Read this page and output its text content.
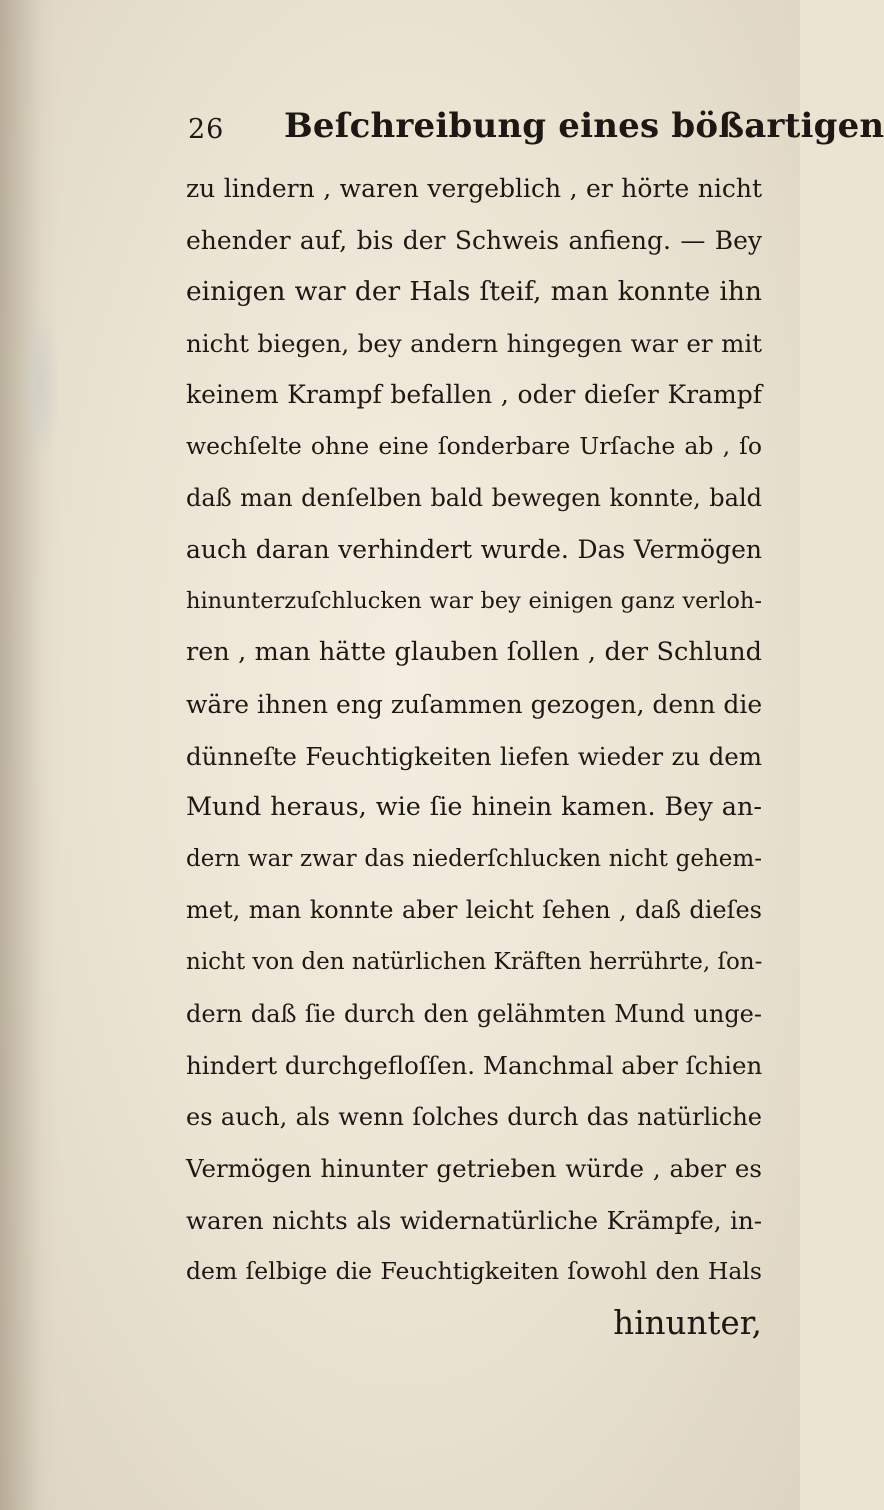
26 Beſchreibung eines bößartigen
zu lindern , waren vergeblich , er hörte nicht
ehender auf, bis der Schweis anfieng. — Bey
einigen war der Hals ſteif, man konnte ihn
nicht biegen, bey andern hingegen war er mit
keinem Krampf befallen , oder dieſer Krampf
wechſelte ohne eine ſonderbare Urſache ab , ſo
daß man denſelben bald bewegen konnte, bald
auch daran verhindert wurde. Das Vermögen
hinunterzuſchlucken war bey einigen ganz verloh-
ren , man hätte glauben ſollen , der Schlund
wäre ihnen eng zuſammen gezogen, denn die
dünneſte Feuchtigkeiten liefen wieder zu dem
Mund heraus, wie ſie hinein kamen. Bey an-
dern war zwar das niederſchlucken nicht gehem-
met, man konnte aber leicht ſehen , daß dieſes
nicht von den natürlichen Kräften herrührte, ſon-
dern daß ſie durch den gelähmten Mund unge-
hindert durchgefloſſen. Manchmal aber ſchien
es auch, als wenn ſolches durch das natürliche
Vermögen hinunter getrieben würde , aber es
waren nichts als widernatürliche Krämpfe, in-
dem ſelbige die Feuchtigkeiten ſowohl den Hals
hinunter,
